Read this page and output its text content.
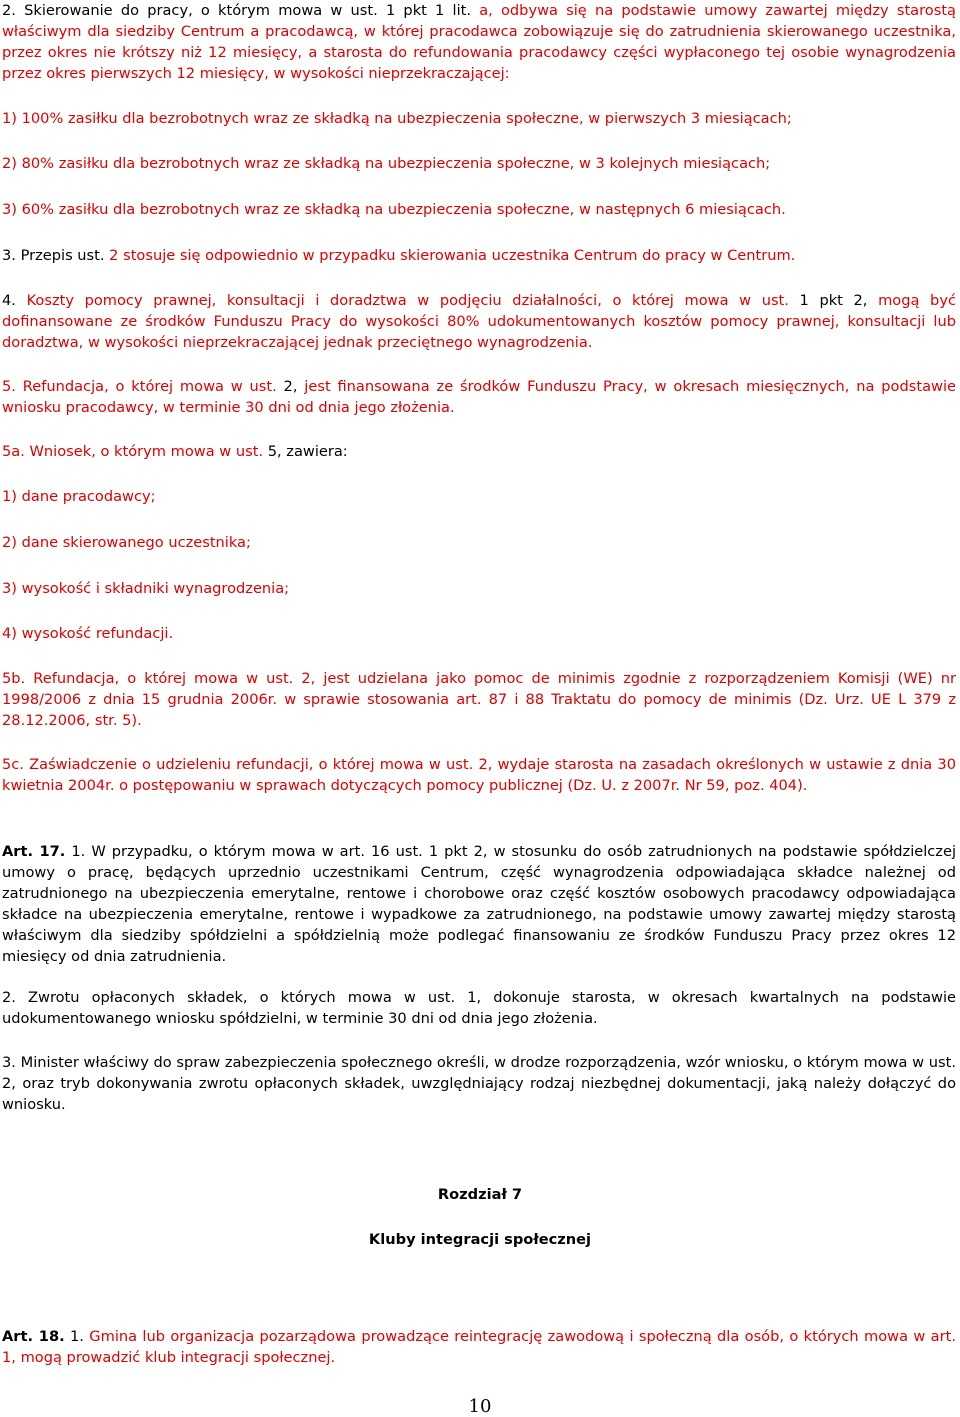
2. Skierowanie do pracy, o którym mowa w ust. 1 pkt 1 lit. a, odbywa się na podstawie umowy zawartej między starostą właściwym dla siedziby Centrum a pracodawcą, w której pracodawca zobowiązuje się do zatrudnienia skierowanego uczestnika, przez okres nie krótszy niż 12 miesięcy, a starosta do refundowania pracodawcy części wypłaconego tej osobie wynagrodzenia przez okres pierwszych 12 miesięcy, w wysokości nieprzekraczającej:

1) 100% zasiłku dla bezrobotnych wraz ze składką na ubezpieczenia społeczne, w pierwszych 3 miesiącach;

2) 80% zasiłku dla bezrobotnych wraz ze składką na ubezpieczenia społeczne, w 3 kolejnych miesiącach;

3) 60% zasiłku dla bezrobotnych wraz ze składką na ubezpieczenia społeczne, w następnych 6 miesiącach.

3. Przepis ust. 2 stosuje się odpowiednio w przypadku skierowania uczestnika Centrum do pracy w Centrum.

4. Koszty pomocy prawnej, konsultacji i doradztwa w podjęciu działalności, o której mowa w ust. 1 pkt 2, mogą być dofinansowane ze środków Funduszu Pracy do wysokości 80% udokumentowanych kosztów pomocy prawnej, konsultacji lub doradztwa, w wysokości nieprzekraczającej jednak przeciętnego wynagrodzenia.

5. Refundacja, o której mowa w ust. 2, jest finansowana ze środków Funduszu Pracy, w okresach miesięcznych, na podstawie wniosku pracodawcy, w terminie 30 dni od dnia jego złożenia.

5a. Wniosek, o którym mowa w ust. 5, zawiera:

1) dane pracodawcy;

2) dane skierowanego uczestnika;

3) wysokość i składniki wynagrodzenia;

4) wysokość refundacji.

5b. Refundacja, o której mowa w ust. 2, jest udzielana jako pomoc de minimis zgodnie z rozporządzeniem Komisji (WE) nr 1998/2006 z dnia 15 grudnia 2006r. w sprawie stosowania art. 87 i 88 Traktatu do pomocy de minimis (Dz. Urz. UE L 379 z 28.12.2006, str. 5).

5c. Zaświadczenie o udzieleniu refundacji, o której mowa w ust. 2, wydaje starosta na zasadach określonych w ustawie z dnia 30 kwietnia 2004r. o postępowaniu w sprawach dotyczących pomocy publicznej (Dz. U. z 2007r. Nr 59, poz. 404).

Art. 17. 1. W przypadku, o którym mowa w art. 16 ust. 1 pkt 2, w stosunku do osób zatrudnionych na podstawie spółdzielczej umowy o pracę, będących uprzednio uczestnikami Centrum, część wynagrodzenia odpowiadająca składce należnej od zatrudnionego na ubezpieczenia emerytalne, rentowe i chorobowe oraz część kosztów osobowych pracodawcy odpowiadająca składce na ubezpieczenia emerytalne, rentowe i wypadkowe za zatrudnionego, na podstawie umowy zawartej między starostą właściwym dla siedziby spółdzielni a spółdzielnią może podlegać finansowaniu ze środków Funduszu Pracy przez okres 12 miesięcy od dnia zatrudnienia.

2. Zwrotu opłaconych składek, o których mowa w ust. 1, dokonuje starosta, w okresach kwartalnych na podstawie udokumentowanego wniosku spółdzielni, w terminie 30 dni od dnia jego złożenia.

3. Minister właściwy do spraw zabezpieczenia społecznego określi, w drodze rozporządzenia, wzór wniosku, o którym mowa w ust. 2, oraz tryb dokonywania zwrotu opłaconych składek, uwzględniający rodzaj niezbędnej dokumentacji, jaką należy dołączyć do wniosku.

Rozdział 7

Kluby integracji społecznej

Art. 18. 1. Gmina lub organizacja pozarządowa prowadzące reintegrację zawodową i społeczną dla osób, o których mowa w art. 1, mogą prowadzić klub integracji społecznej.

10
